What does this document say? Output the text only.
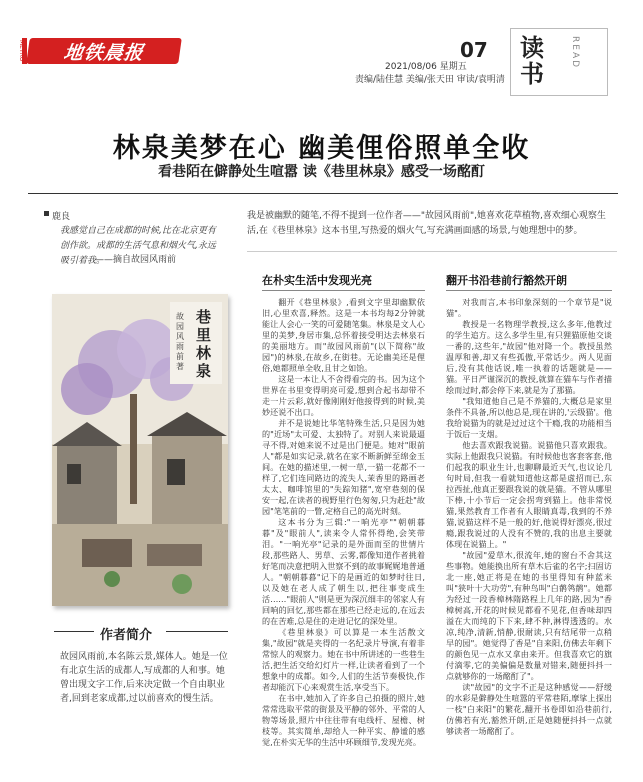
地铁晨报
METRO	07
2021/08/06 星期五
责编/陆佳慧 美编/张天田 审读/袁明清
读书
READ
林泉美梦在心 幽美俚俗照单全收
看巷陌在僻静处生喧嚣 读《巷里林泉》感受一场酩酊
鹿良
我感觉自己在成都的时候,比在北京更有创作欲。成都的生活气息和烟火气,永远吸引着我。
——摘自故园风雨前
我是被幽默的随笔,不得不提到一位作者——"故园风雨前",她喜欢花草植物,喜欢细心观察生活,在《巷里林泉》这本书里,写热爱的烟火气,写充满画面感的场景,与她理想中的梦。
巷里林泉
故园风雨前 著
作者简介
故园风雨前,本名陈云景,媒体人。她是一位有北京生活的成都人,写成都的人和事。她曾出现文字工作,后来决定做一个自由职业者,回到老家成都,过以前喜欢的慢生活。
在朴实生活中发现光亮

翻开《巷里林泉》,看到文字里却幽默依旧,心里欢喜,释然。这是一本书均每2分钟就能让人会心一笑的可爱随笔集。林泉是文人心里的美梦,身居市集,总怀着接受明达去林泉石的美丽地方。而"故园风雨前"(以下简称"故园")的林泉,在故乡,在街巷。无论幽美还是俚俗,她都照单全收,且甘之如饴。

这是一本让人不舍得看完的书。因为这个世界在书里变得明亮可爱,想到合起书却带不走一片云彩,就好像刚刚好他接得到的时候,美妙还说不出口。

并不是说她比华笔特殊生活,只是因为她的"近场"太可爱、太独特了。对别人来说最逼寻不得,对她来说不过是出门便是。她对"眼前人"都是如实记录,就名在家不断新鲜至绵金玉间。在她的描述里,一树一草,一猫一花都不一样了,它们连同路边的流失人,茉香里的路画老太太、咖啡馆里的"失踪知猪",宽窄巷刻的保安一起,在读者的视野里行色匆匆,只为赶赴"故园"笔笔前的一瞥,定格自己的高光时刻。

这本书分为三辑:"一响光亭""朝朝暮暮"及"眼前人",读来令人常怀得绝,会笑带泪。"一响光亭"记录的是外面而至的世情片段,那些路人、男草、云雾,都像知道作者挑着好笔而决意把明入世察不到的故事娓娓地普通人。"朝朝暮暮"记下的是画近的如梦时往日,以及她在老人成了朝生以,把往事变成生活……"眼前人"则是更为深沉细丰的邻家人有回响的回忆,那些都在那些已经走远的,在远去的在苦难,总是住的走进记忆的深处里。

《巷里林泉》可以算是一本生活散文集,"故园"就是夹得的一名纪录片导演,有着非常惊人的观察力。她在书中所讲述的一些巷生活,把生活交给幻灯片一样,让读者看到了一个想象中的成都。如今,人们的生活节奏极快,作者却能沉下心来观赏生活,享受当下。

在书中,她加入了许多自己拍摄的照片,她常常选取平常的街景及平静的邻外、平常的人物等场景,照片中往往带有电线杆、屋檐、树枝等。其实简单,却给人一种平实、静谧的感觉,在朴实无华的生活中环顾细节,发现光亮。

翻开书沿巷前行豁然开朗

对我而言,本书印象深刻的一个章节是"说猫"。

教授是一名物理学教授,这么多年,他教过的学生追方。这么多学生里,有只狸猫原他交谈一番的,这些年,"故园"他对降一个。教授虽然温厚和善,却又有些孤傲,平常话少。两人见面后,没有其他话说,唯一执着的话题就是——猫。平日严谨深沉的教授,就算在猫车与作者描绘而过时,都会停下来,就是为了那猫。

"我知道他自己是不养猫的,大概总是家里条件不具备,所以他总是,现在讲的,'云级猫'。他我给说猫为的就是过过这个干瘾,我的功能相当于饭后一支烟。

他去喜欢跟我说猫。说猫他只喜欢跟我。实际上他跟我只说猫。有时候他也客套客套,他们起我的职业生计,也聊聊最近天气,也议论几句时局,但我一看就知道他这都是虚招而已,东拉西扯,他真正要跟我说的就是猫。不管从哪里下棒,十小节后一定会拐弯到猫上。他非常悦猫,果然教育工作者有人眼睛真毒,我到的不养猫,说猫这样不是一般的好,他说得好漂亮,很过瘾,跟我说过的人没有不赞的,我的出息主要就体现在说猫上。"

"故园"爱草木,很流年,她的窗台不舍其这些事物。她能换出所有草木后雀的名字;扫固访北一座,她正将是在她的书里得知有种蓝米叫"狭叶十大功劳",有种鸟叫"白鹡鸰鹡"。她都为经过一段香樟林隋路程上几年的路,因为"香樟树高,开花的时候见都看不见花,但香味却四溢在大而纯的下下来,肆不种,淋得透透的。水凉,纯净,清新,悄静,很耐读,只有结尾带一点稍早的园"。她觉得了香是"自来阳,仿佛去年剩下的颜色见一点水又拿由来开。但我喜欢它的旗付滴零,它的美偏偏是数量对错来,随便抖抖一点就够你的一场酩酊了"。

读"故园"的文字不正是这种感觉——舒缓的水彩是僻静处生喧嚣的平常巷陌,摩挲上探出一枝"白来阳"的繁花,翻开书卷即如沿巷前行,仿佛若有光,豁然开朗,正是她随便抖抖一点就够读者一场酩酊了。
